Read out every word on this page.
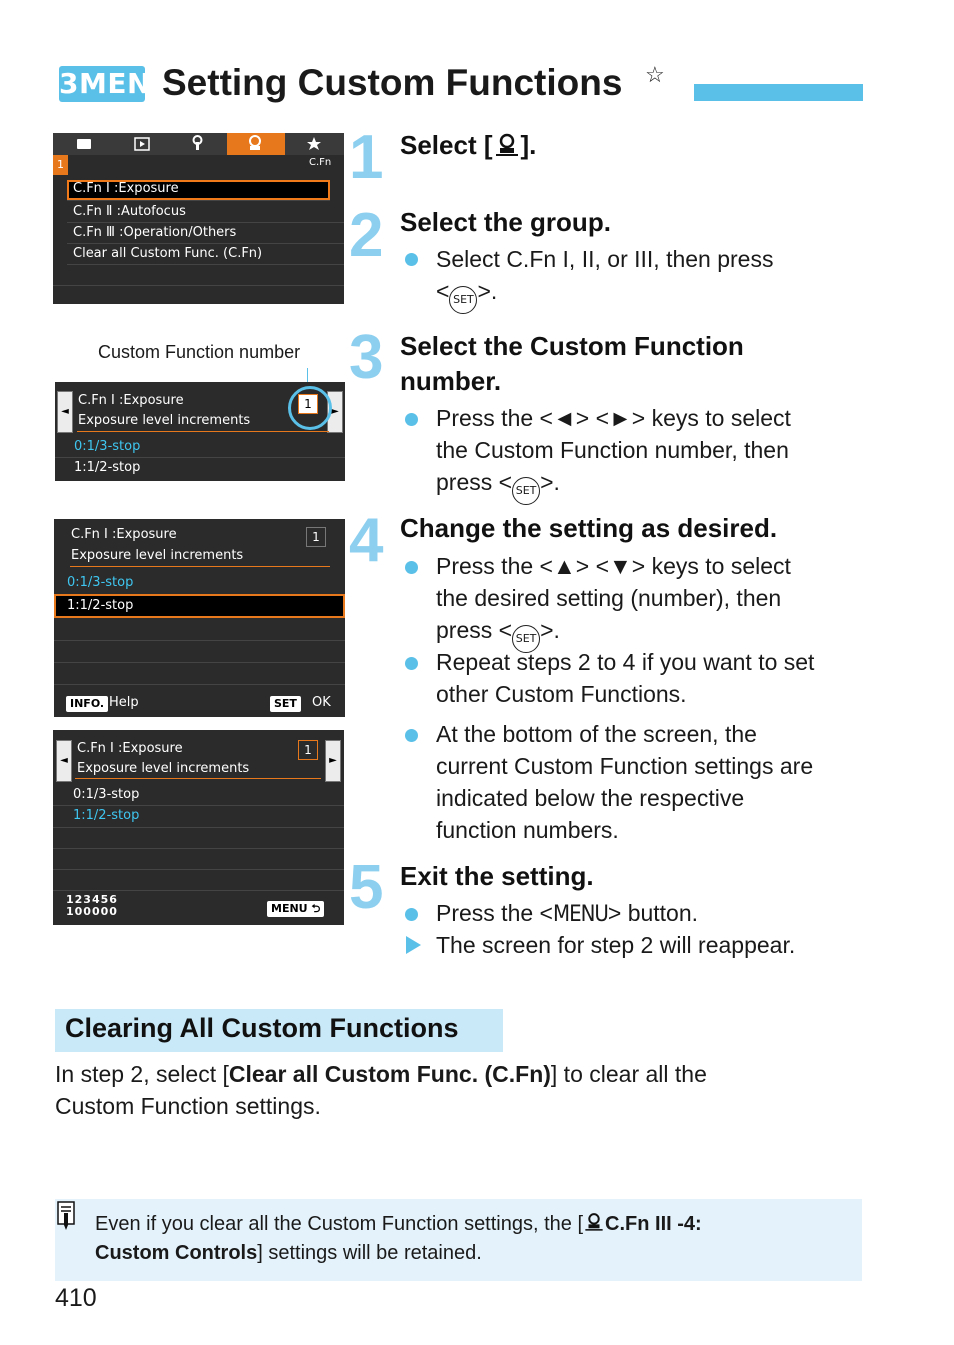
3MENU
Setting Custom Functions ☆
1	C.Fn
C.Fn Ⅰ :Exposure
C.Fn Ⅱ :Autofocus
C.Fn Ⅲ :Operation/Others
Clear all Custom Func. (C.Fn)
Custom Function number
◄	►
C.Fn Ⅰ :Exposure
Exposure level increments
1
0:1/3-stop
1:1/2-stop
C.Fn Ⅰ :Exposure
Exposure level increments
1
0:1/3-stop
1:1/2-stop
INFO. Help	SET	OK
◄	►
C.Fn Ⅰ :Exposure
Exposure level increments
1
0:1/3-stop
1:1/2-stop
123456
100000	MENU ⮌
1 Select [ ].
2 Select the group.
Select C.Fn I, II, or III, then press
< SET >.
3 Select the Custom Function
number.
Press the <◄> <►> keys to select
the Custom Function number, then
press < SET >.
4 Change the setting as desired.
Press the <▲> <▼> keys to select
the desired setting (number), then
press < SET >.
Repeat steps 2 to 4 if you want to set
other Custom Functions.
At the bottom of the screen, the
current Custom Function settings are
indicated below the respective
function numbers.
5 Exit the setting.
Press the <MENU> button.
The screen for step 2 will reappear.
Clearing All Custom Functions
In step 2, select [Clear all Custom Func. (C.Fn)] to clear all the
Custom Function settings.
Even if you clear all the Custom Function settings, the [ C.Fn III -4:
Custom Controls] settings will be retained.
410
